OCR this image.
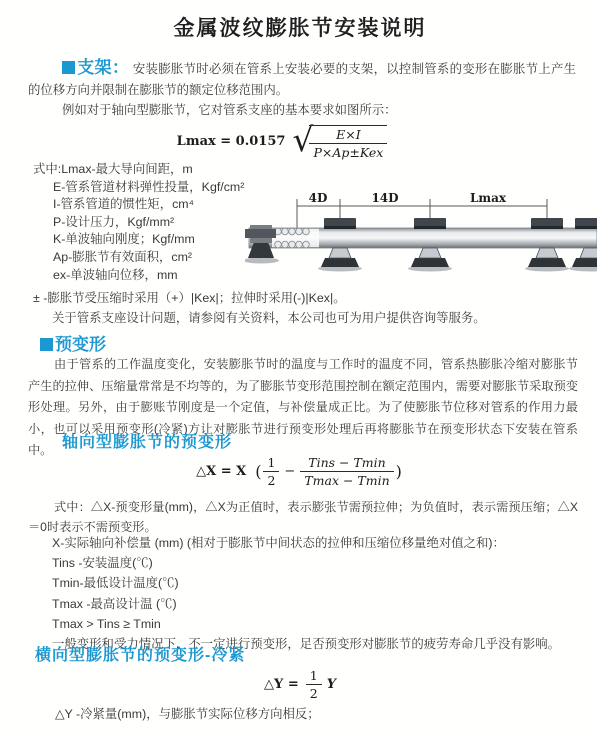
金属波纹膨胀节安装说明
支架： 安装膨胀节时必须在管系上安装必要的支架，以控制管系的变形在膨胀节上产生的位移方向并限制在膨胀节的额定位移范围内。
例如对于轴向型膨胀节，它对管系支座的基本要求如图所示：
Lmax = 0.0157 √
$\frac{E\times I}{\text{P×Ap±Kex}}$
式中:Lmax-最大导向间距，m
E-管系管道材料弹性投量，Kgf/cm²
I-管系管道的惯性矩，cm⁴
P-设计压力，Kgf/mm²
K-单波轴向刚度；Kgf/mm
Ap-膨胀节有效面积，cm²
ex-单波轴向位移，mm
4D	14D	Lmax
± -膨胀节受压缩时采用（+）|Kex|；拉伸时采用(-)|Kex|。
关于管系支座设计问题，请参阅有关资料，本公司也可为用户提供咨询等服务。
预变形
由于管系的工作温度变化，安装膨胀节时的温度与工作时的温度不同，管系热膨胀冷缩对膨胀节产生的拉伸、压缩量常常是不均等的，为了膨胀节变形范围控制在额定范围内，需要对膨胀节采取预变形处理。另外，由于膨账节刚度是一个定值，与补偿量成正比。为了使膨胀节位移对管系的作用力最小，也可以采用预变形(冷紧)方让对膨胀节进行预变形处理后再将膨胀节在预变形状态下安装在管系中。 轴向型膨胀节的预变形
△X = X ( $\frac{1}{2} - \frac{\text{Tins − Tmin}}{Tmax - Tmin}$ )
式中：△X-预变形量(mm)，△X为正值时，表示膨张节需预拉伸；为负值时，表示需预压缩；△X＝0时表示不需预变形。
X-实际轴向补偿量 (mm) (相对于膨胀节中间状态的拉伸和压缩位移量绝对值之和)：
Tins -安装温度(℃)
Tmin-最低设计温度(℃)
Tmax -最高设计温 (℃)
Tmax > Tins ≥ Tmin
一般变形和受力情况下，不一定进行预变形，足否预变形对膨胀节的疲劳寿命几乎没有影响。
横向型膨胀节的预变形-冷紧
△Y = $\frac{1}{2}$ Y
△Y -冷紧量(mm)，与膨胀节实际位移方向相反；
